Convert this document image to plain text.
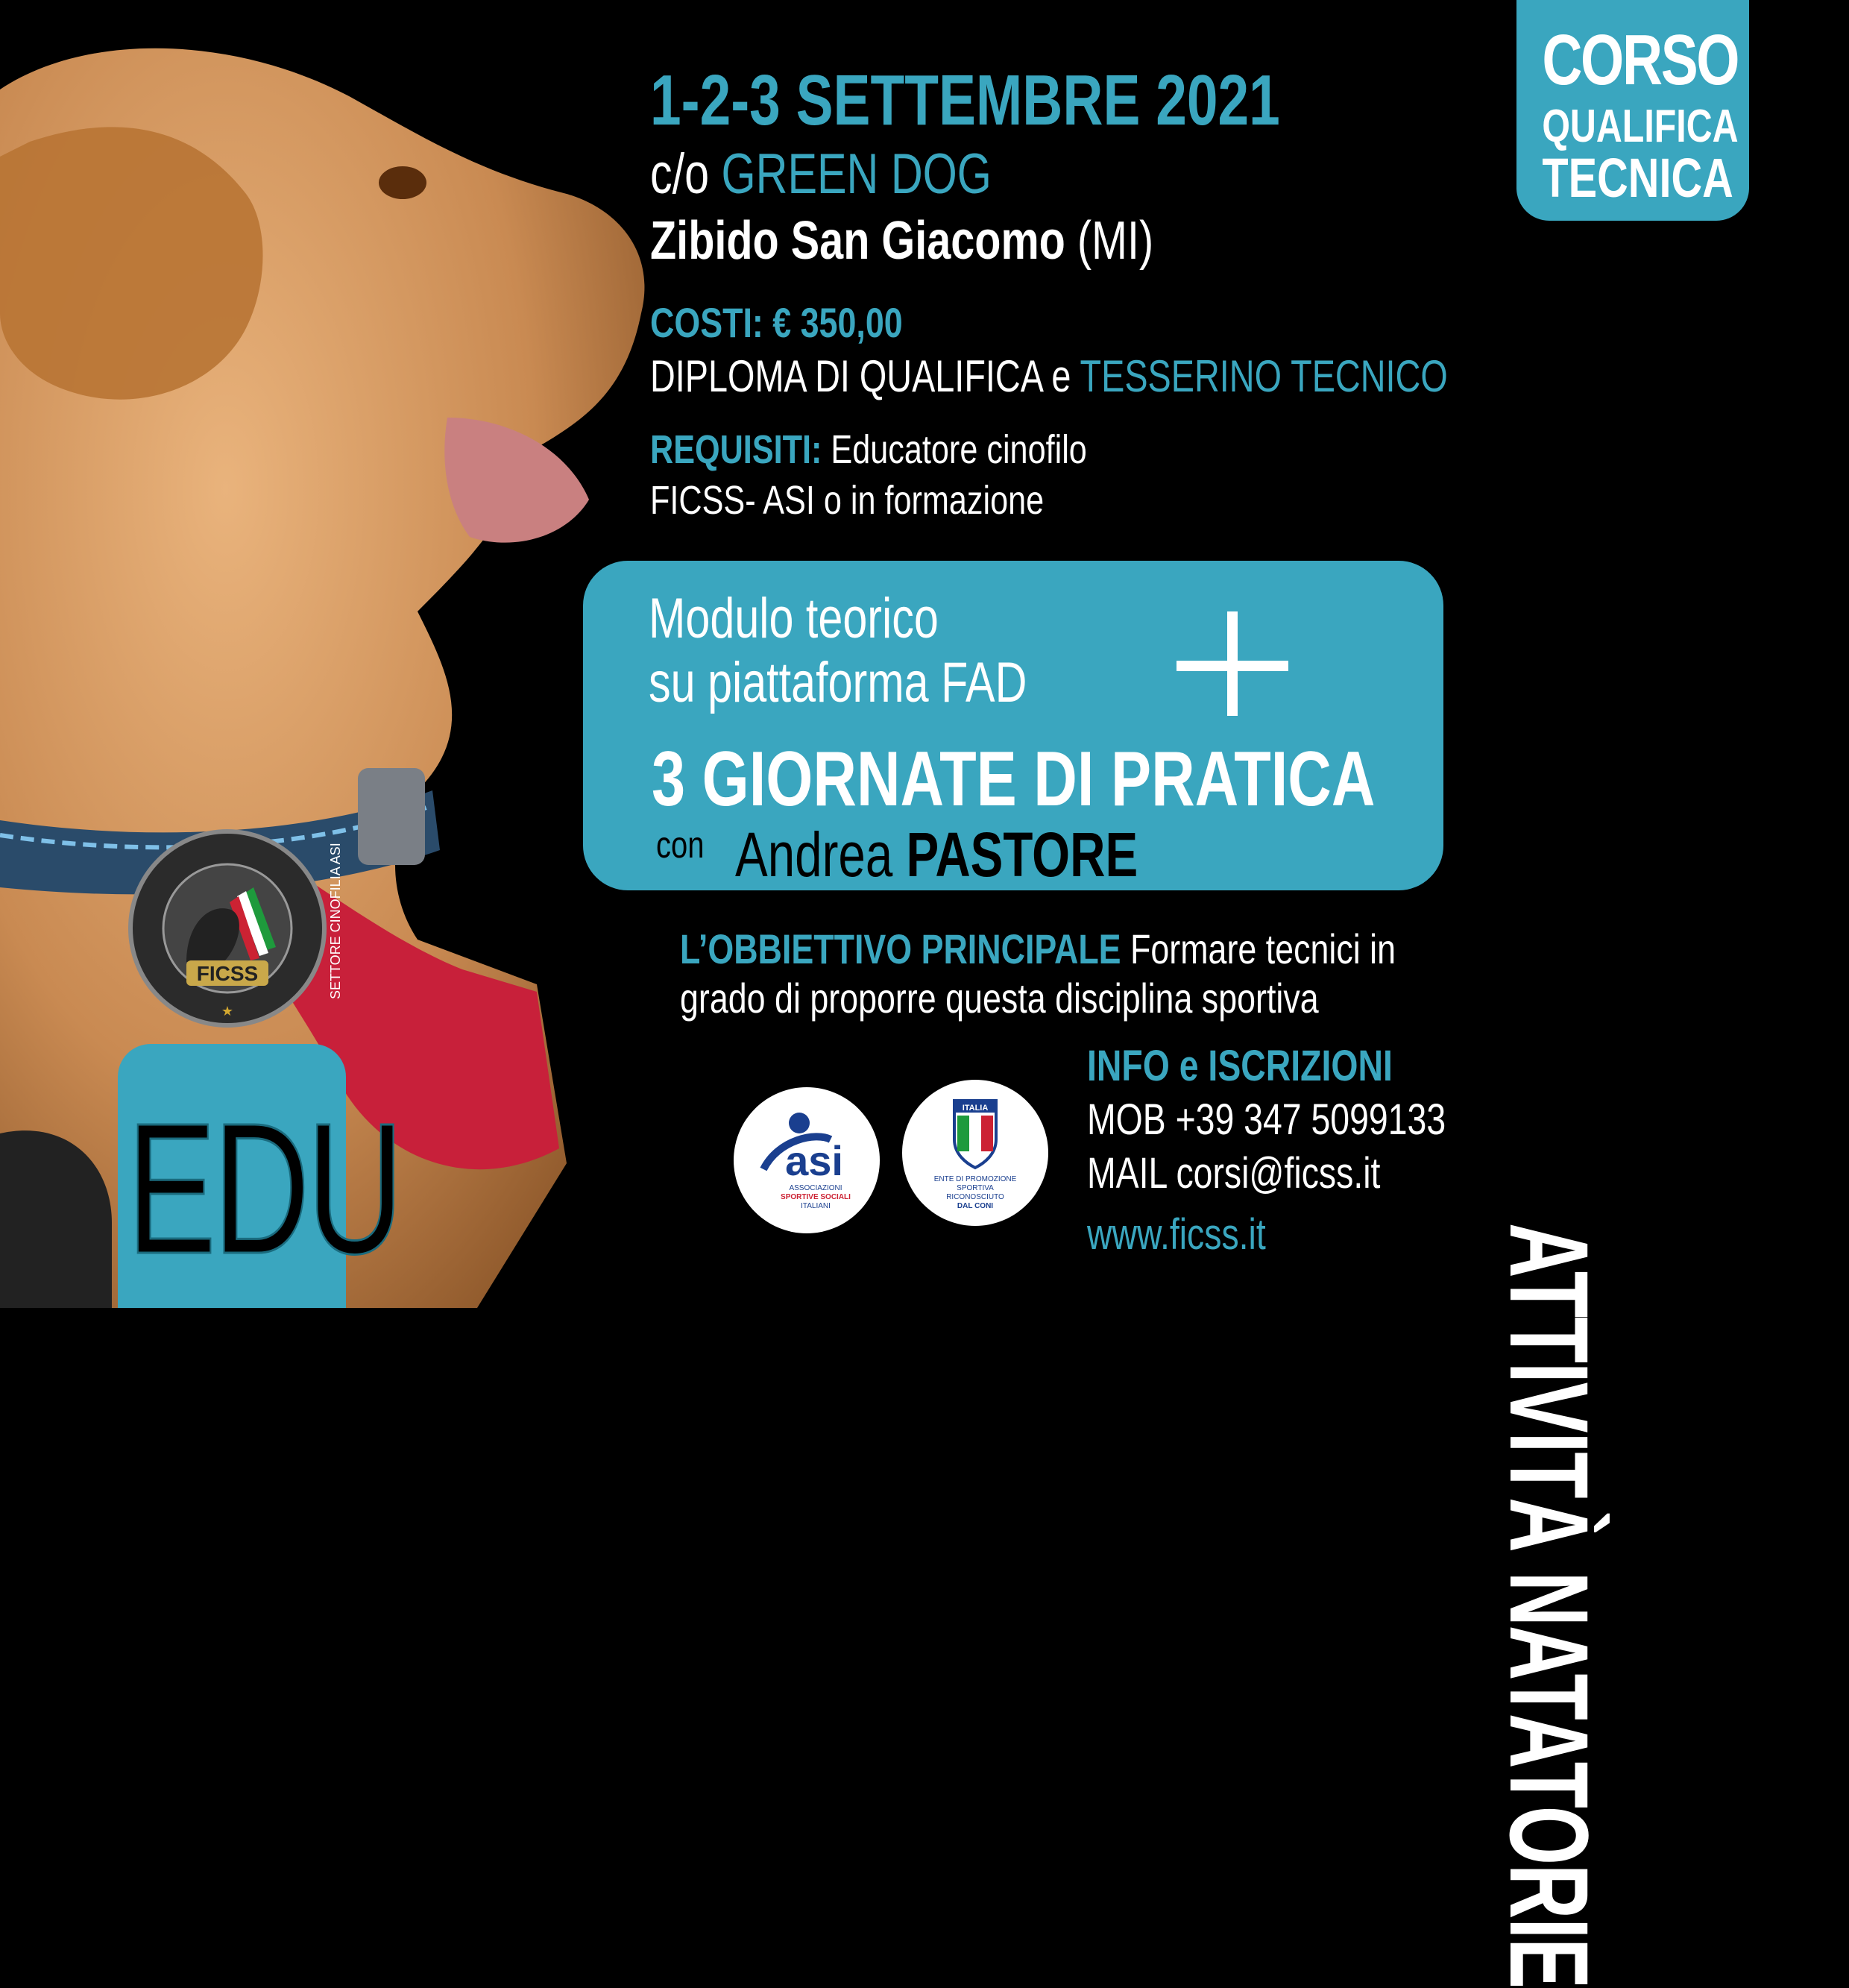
FICSS
★
SETTORE CINOFILIA ASI
EDU
CORSO
QUALIFICA
TECNICA
ATTIVITÀ NATATORIE
1-2-3 SETTEMBRE 2021
c/o GREEN DOG
Zibido San Giacomo (MI)
COSTI: € 350,00
DIPLOMA DI QUALIFICA e TESSERINO TECNICO
REQUISITI: Educatore cinofilo
FICSS- ASI o in formazione
Modulo teorico
su piattaforma FAD
3 GIORNATE DI PRATICA
con Andrea PASTORE
L’OBBIETTIVO PRINCIPALE Formare tecnici in
grado di proporre questa disciplina sportiva
asi
ASSOCIAZIONI
SPORTIVE SOCIALI
ITALIANI
ITALIA
ENTE DI PROMOZIONE
SPORTIVA
RICONOSCIUTO
DAL CONI
INFO e ISCRIZIONI
MOB +39 347 5099133
MAIL corsi@ficss.it
www.ficss.it
